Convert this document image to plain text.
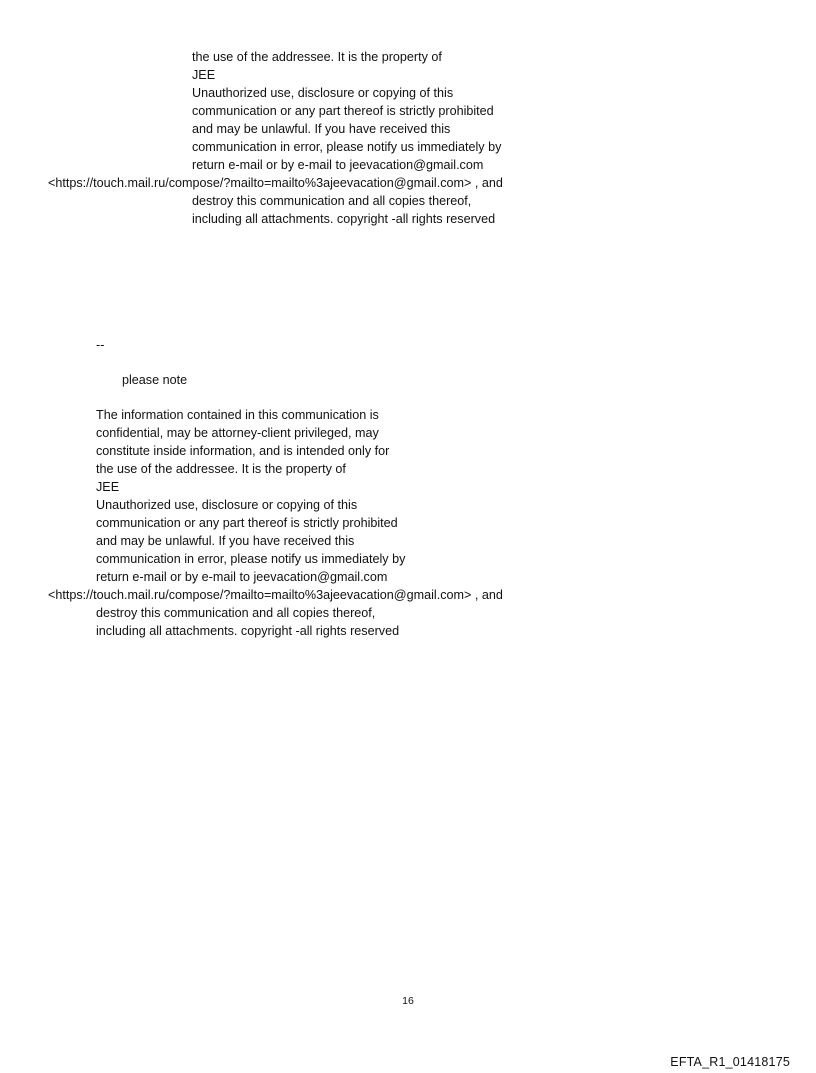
the use of the addressee. It is the property of
JEE
Unauthorized use, disclosure or copying of this
communication or any part thereof is strictly prohibited
and may be unlawful. If you have received this
communication in error, please notify us immediately by
return e-mail or by e-mail to jeevacation@gmail.com
<https://touch.mail.ru/compose/?mailto=mailto%3ajeevacation@gmail.com> , and
destroy this communication and all copies thereof,
including all attachments. copyright -all rights reserved
--
please note
The information contained in this communication is
confidential, may be attorney-client privileged, may
constitute inside information, and is intended only for
the use of the addressee. It is the property of
JEE
Unauthorized use, disclosure or copying of this
communication or any part thereof is strictly prohibited
and may be unlawful. If you have received this
communication in error, please notify us immediately by
return e-mail or by e-mail to jeevacation@gmail.com
<https://touch.mail.ru/compose/?mailto=mailto%3ajeevacation@gmail.com> , and
destroy this communication and all copies thereof,
including all attachments. copyright -all rights reserved
16
EFTA_R1_01418175
